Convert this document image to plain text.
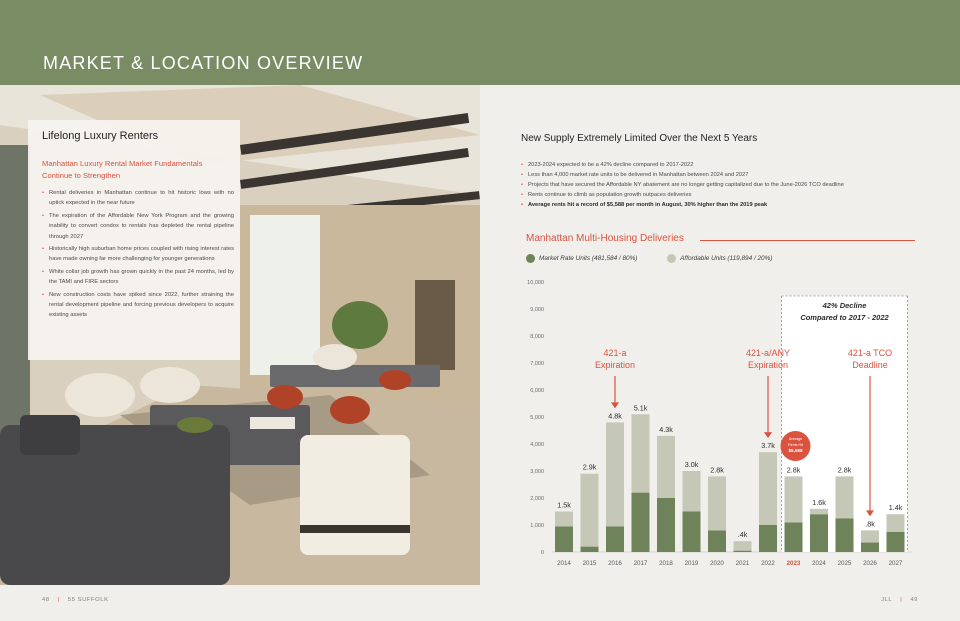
MARKET & LOCATION OVERVIEW
Lifelong Luxury Renters
Manhattan Luxury Rental Market Fundamentals Continue to Strengthen
• Rental deliveries in Manhattan continue to hit historic lows with no uptick expected in the near future
• The expiration of the Affordable New York Program and the growing inability to convert condos to rentals has depleted the rental pipeline through 2027
• Historically high suburban home prices coupled with rising interest rates have made owning far more challenging for younger generations
• White collar job growth has grown quickly in the past 24 months, led by the TAMI and FIRE sectors
• New construction costs have spiked since 2022, further straining the rental development pipeline and forcing previous developers to acquire existing assets
New Supply Extremely Limited Over the Next 5 Years
• 2023-2024 expected to be a 42% decline compared to 2017-2022
• Less than 4,000 market rate units to be delivered in Manhattan between 2024 and 2027
• Projects that have secured the Affordable NY abatement are no longer getting capitalized due to the June-2026 TCO deadline
• Rents continue to climb as population growth outpaces deliveries
• Average rents hit a record of $5,588 per month in August, 30% higher than the 2019 peak
Manhattan Multi-Housing Deliveries
Market Rate Units (481,584 / 80%)
	Affordable Units (119,894 / 20%)
0
1,000
2,000
3,000
4,000
5,000
6,000
7,000
8,000
9,000
10,000
42% Decline
Compared to 2017 - 2022
1.5k
2014
2.9k
2015
4.8k
2016
5.1k
2017
4.3k
2018
3.0k
2019
2.8k
2020
.4k
2021
3.7k
2022
2.8k
2023
1.6k
2024
2.8k
2025
.8k
2026
1.4k
2027
421-a
Expiration
421-a/ANY
Expiration
421-a TCO
Deadline
Average
Rents Hit
$5,588
48 | 55 SUFFOLK	JLL | 49
